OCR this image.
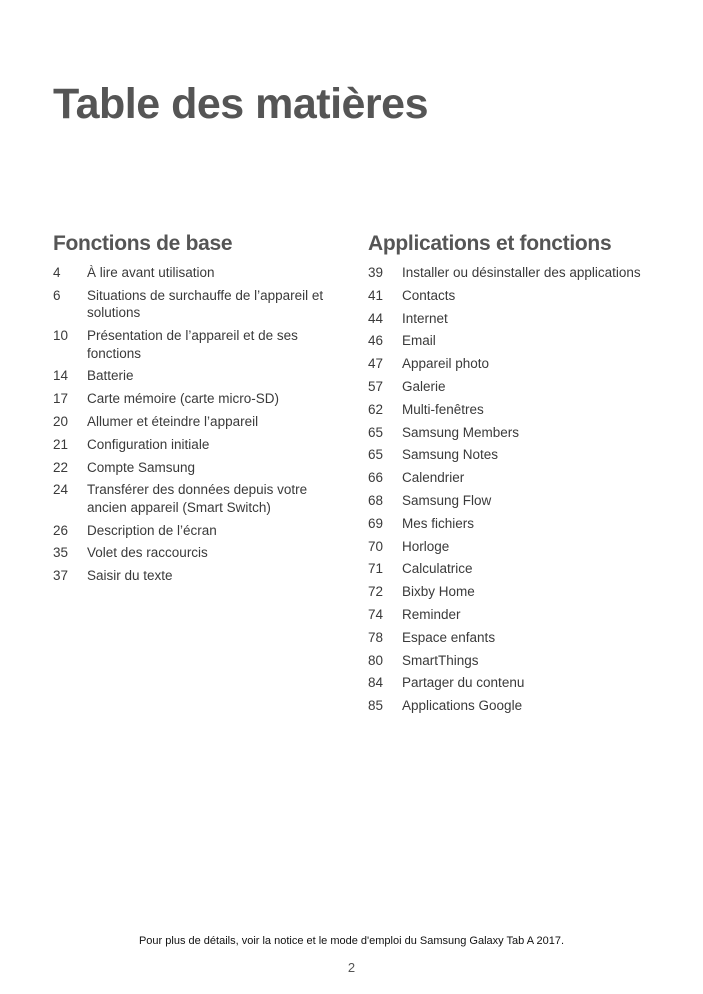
Table des matières
Fonctions de base
4	À lire avant utilisation
6	Situations de surchauffe de l’appareil et solutions
10	Présentation de l’appareil et de ses fonctions
14	Batterie
17	Carte mémoire (carte micro-SD)
20	Allumer et éteindre l’appareil
21	Configuration initiale
22	Compte Samsung
24	Transférer des données depuis votre ancien appareil (Smart Switch)
26	Description de l’écran
35	Volet des raccourcis
37	Saisir du texte
Applications et fonctions
39	Installer ou désinstaller des applications
41	Contacts
44	Internet
46	Email
47	Appareil photo
57	Galerie
62	Multi-fenêtres
65	Samsung Members
65	Samsung Notes
66	Calendrier
68	Samsung Flow
69	Mes fichiers
70	Horloge
71	Calculatrice
72	Bixby Home
74	Reminder
78	Espace enfants
80	SmartThings
84	Partager du contenu
85	Applications Google
Pour plus de détails, voir la notice et le mode d'emploi du Samsung Galaxy Tab A 2017.
2
